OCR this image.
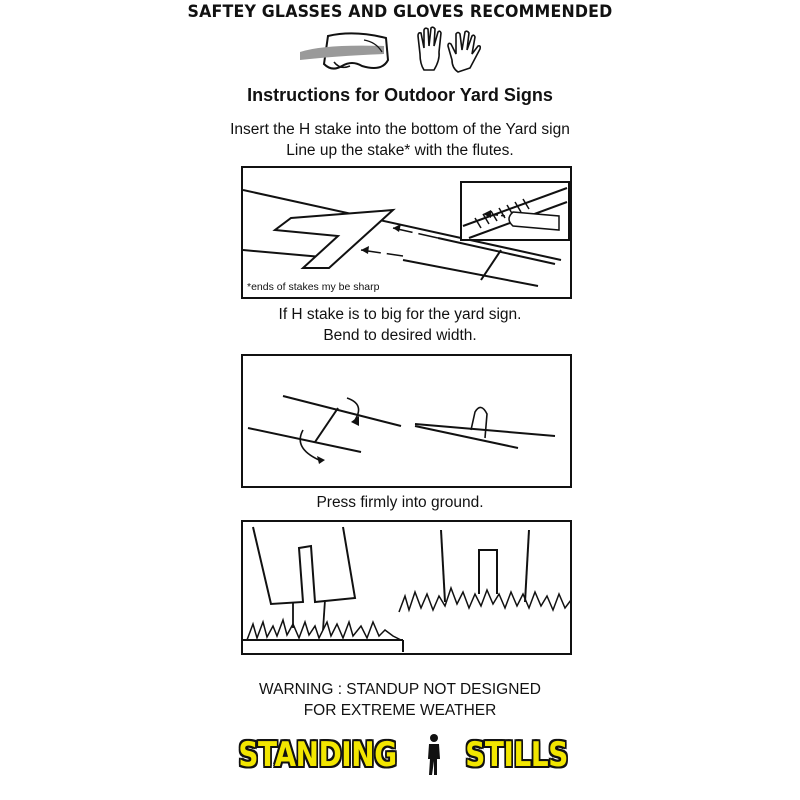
SAFTEY GLASSES AND GLOVES RECOMMENDED
Instructions for Outdoor Yard Signs
Insert the H stake into the bottom of the Yard sign
Line up the stake* with the flutes.
*ends of stakes my be sharp
If H stake is to big for the yard sign.
Bend to desired width.
Press firmly into ground.
WARNING : STANDUP NOT DESIGNED
FOR EXTREME WEATHER
STANDING STILLS
